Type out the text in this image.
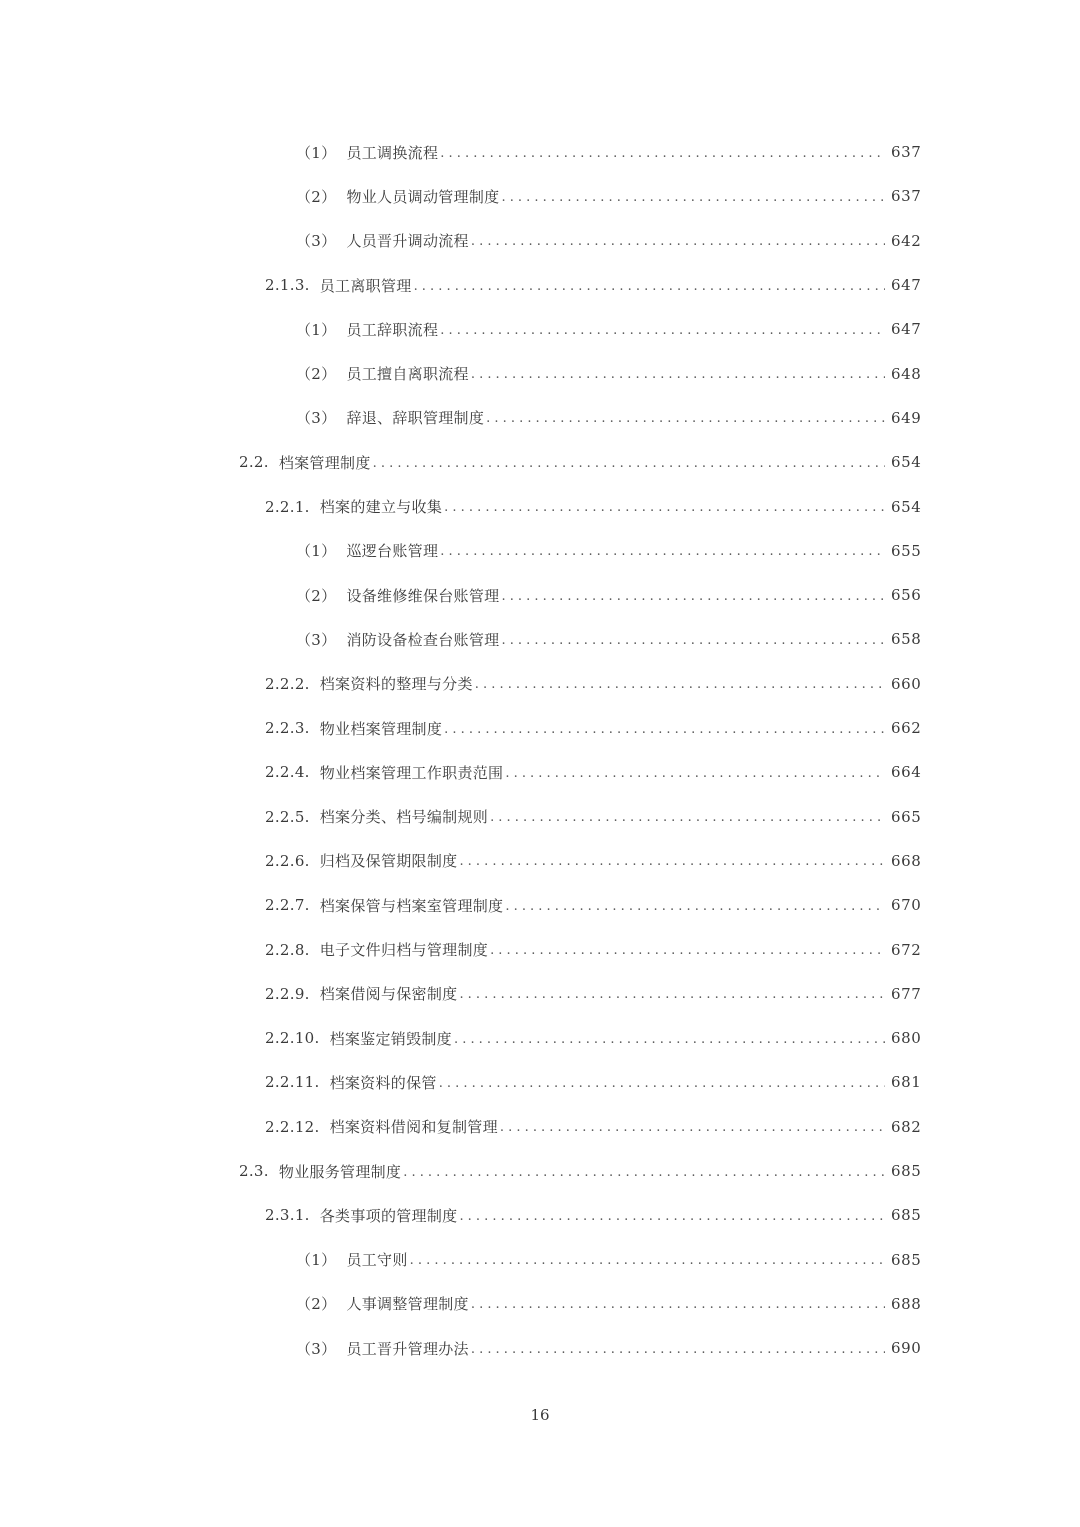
（1） 员工调换流程 .....	637
（2） 物业人员调动管理制度 .....	637
（3） 人员晋升调动流程 .....	642
2.1.3. 员工离职管理 .....	647
（1） 员工辞职流程 .....	647
（2） 员工擅自离职流程 .....	648
（3） 辞退、辞职管理制度 .....	649
2.2. 档案管理制度 .....	654
2.2.1. 档案的建立与收集 .....	654
（1） 巡逻台账管理 .....	655
（2） 设备维修维保台账管理 .....	656
（3） 消防设备检查台账管理 .....	658
2.2.2. 档案资料的整理与分类 .....	660
2.2.3. 物业档案管理制度 .....	662
2.2.4. 物业档案管理工作职责范围 .....	664
2.2.5. 档案分类、档号编制规则 .....	665
2.2.6. 归档及保管期限制度 .....	668
2.2.7. 档案保管与档案室管理制度 .....	670
2.2.8. 电子文件归档与管理制度 .....	672
2.2.9. 档案借阅与保密制度 .....	677
2.2.10. 档案鉴定销毁制度 .....	680
2.2.11. 档案资料的保管 .....	681
2.2.12. 档案资料借阅和复制管理 .....	682
2.3. 物业服务管理制度 .....	685
2.3.1. 各类事项的管理制度 .....	685
（1） 员工守则 .....	685
（2） 人事调整管理制度 .....	688
（3） 员工晋升管理办法 .....	690
16
